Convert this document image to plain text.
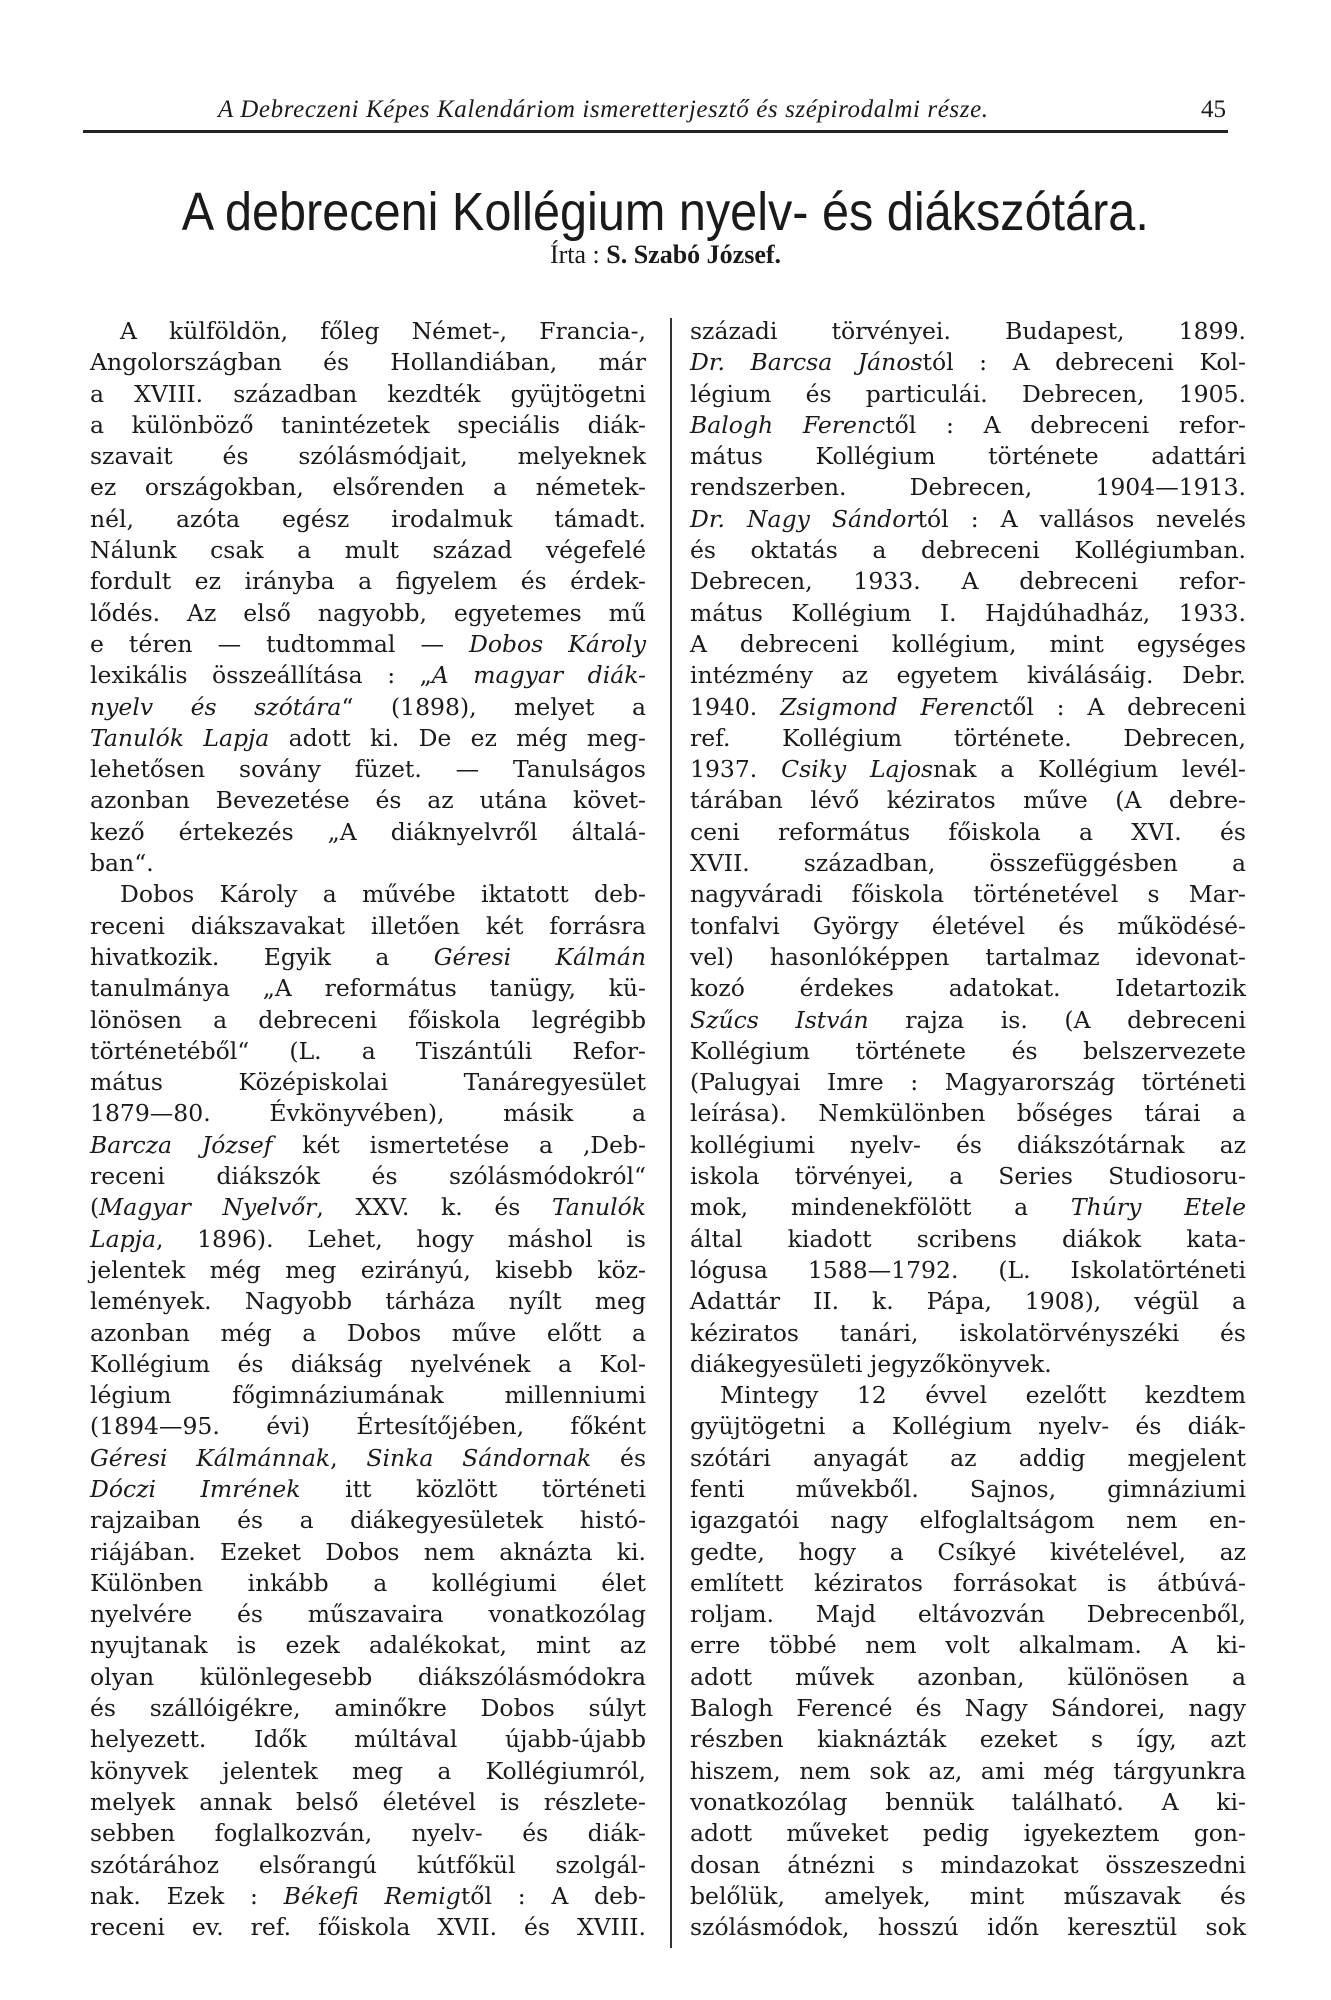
A Debreczeni Képes Kalendáriom ismeretterjesztő és szépirodalmi része.	45
A debreceni Kollégium nyelv- és diákszótára.
Írta : S. Szabó József.
A külföldön, főleg Német-, Francia-,
Angolországban és Hollandiában, már
a XVIII. században kezdték gyüjtögetni
a különböző tanintézetek speciális diák-
szavait és szólásmódjait, melyeknek
ez országokban, elsőrenden a németek-
nél, azóta egész irodalmuk támadt.
Nálunk csak a mult század végefelé
fordult ez irányba a figyelem és érdek-
lődés. Az első nagyobb, egyetemes mű
e téren — tudtommal — Dobos Károly
lexikális összeállítása : „A magyar diák-
nyelv és szótára“ (1898), melyet a
Tanulók Lapja adott ki. De ez még meg-
lehetősen sovány füzet. — Tanulságos
azonban Bevezetése és az utána követ-
kező értekezés „A diáknyelvről általá-
ban“.
Dobos Károly a művébe iktatott deb-
receni diákszavakat illetően két forrásra
hivatkozik. Egyik a Géresi Kálmán
tanulmánya „A református tanügy, kü-
lönösen a debreceni főiskola legrégibb
történetéből“ (L. a Tiszántúli Refor-
mátus Középiskolai Tanáregyesület
1879—80. Évkönyvében), másik a
Barcza József két ismertetése a ‚Deb-
receni diákszók és szólásmódokról“
(Magyar Nyelvőr, XXV. k. és Tanulók
Lapja, 1896). Lehet, hogy máshol is
jelentek még meg ezirányú, kisebb köz-
lemények. Nagyobb tárháza nyílt meg
azonban még a Dobos műve előtt a
Kollégium és diákság nyelvének a Kol-
légium főgimnáziumának millenniumi
(1894—95. évi) Értesítőjében, főként
Géresi Kálmánnak, Sinka Sándornak és
Dóczi Imrének itt közlött történeti
rajzaiban és a diákegyesületek histó-
riájában. Ezeket Dobos nem aknázta ki.
Különben inkább a kollégiumi élet
nyelvére és műszavaira vonatkozólag
nyujtanak is ezek adalékokat, mint az
olyan különlegesebb diákszólásmódokra
és szállóigékre, aminőkre Dobos súlyt
helyezett. Idők múltával újabb-újabb
könyvek jelentek meg a Kollégiumról,
melyek annak belső életével is részlete-
sebben foglalkozván, nyelv- és diák-
szótárához elsőrangú kútfőkül szolgál-
nak. Ezek : Békefi Remigtől : A deb-
receni ev. ref. főiskola XVII. és XVIII.
századi törvényei. Budapest, 1899.
Dr. Barcsa Jánostól : A debreceni Kol-
légium és particulái. Debrecen, 1905.
Balogh Ferenctől : A debreceni refor-
mátus Kollégium története adattári
rendszerben. Debrecen, 1904—1913.
Dr. Nagy Sándortól : A vallásos nevelés
és oktatás a debreceni Kollégiumban.
Debrecen, 1933. A debreceni refor-
mátus Kollégium I. Hajdúhadház, 1933.
A debreceni kollégium, mint egységes
intézmény az egyetem kiválásáig. Debr.
1940. Zsigmond Ferenctől : A debreceni
ref. Kollégium története. Debrecen,
1937. Csiky Lajosnak a Kollégium levél-
tárában lévő kéziratos műve (A debre-
ceni református főiskola a XVI. és
XVII. században, összefüggésben a
nagyváradi főiskola történetével s Mar-
tonfalvi György életével és működésé-
vel) hasonlóképpen tartalmaz idevonat-
kozó érdekes adatokat. Idetartozik
Szűcs István rajza is. (A debreceni
Kollégium története és belszervezete
(Palugyai Imre : Magyarország történeti
leírása). Nemkülönben bőséges tárai a
kollégiumi nyelv- és diákszótárnak az
iskola törvényei, a Series Studiosoru-
mok, mindenekfölött a Thúry Etele
által kiadott scribens diákok kata-
lógusa 1588—1792. (L. Iskolatörténeti
Adattár II. k. Pápa, 1908), végül a
kéziratos tanári, iskolatörvényszéki és
diákegyesületi jegyzőkönyvek.
Mintegy 12 évvel ezelőtt kezdtem
gyüjtögetni a Kollégium nyelv- és diák-
szótári anyagát az addig megjelent
fenti művekből. Sajnos, gimnáziumi
igazgatói nagy elfoglaltságom nem en-
gedte, hogy a Csíkyé kivételével, az
említett kéziratos forrásokat is átbúvá-
roljam. Majd eltávozván Debrecenből,
erre többé nem volt alkalmam. A ki-
adott művek azonban, különösen a
Balogh Ferencé és Nagy Sándorei, nagy
részben kiaknázták ezeket s így, azt
hiszem, nem sok az, ami még tárgyunkra
vonatkozólag bennük található. A ki-
adott műveket pedig igyekeztem gon-
dosan átnézni s mindazokat összeszedni
belőlük, amelyek, mint műszavak és
szólásmódok, hosszú időn keresztül sok
